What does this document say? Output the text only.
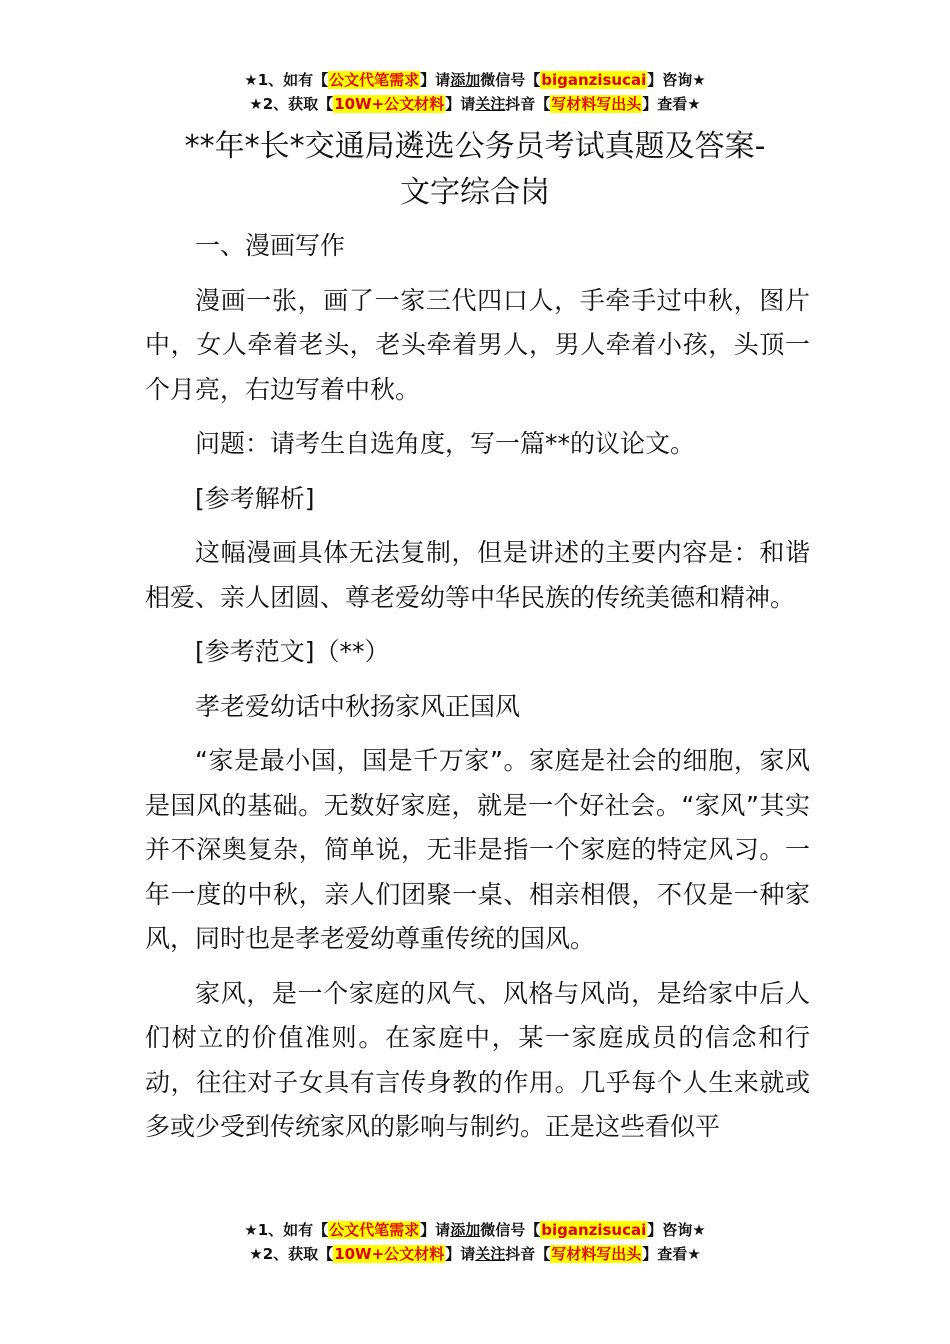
★1、如有【公文代笔需求】请添加微信号【biganzisucai】咨询★
★2、获取【10W+公文材料】请关注抖音【写材料写出头】查看★
**年*长*交通局遴选公务员考试真题及答案-
文字综合岗

一、漫画写作

漫画一张，画了一家三代四口人，手牵手过中秋，图片中，女人牵着老头，老头牵着男人，男人牵着小孩，头顶一个月亮，右边写着中秋。

问题：请考生自选角度，写一篇**的议论文。

[参考解析]

这幅漫画具体无法复制，但是讲述的主要内容是：和谐相爱、亲人团圆、尊老爱幼等中华民族的传统美德和精神。

[参考范文]（**）

孝老爱幼话中秋扬家风正国风

“家是最小国，国是千万家”。家庭是社会的细胞，家风是国风的基础。无数好家庭，就是一个好社会。“家风”其实并不深奥复杂，简单说，无非是指一个家庭的特定风习。一年一度的中秋，亲人们团聚一桌、相亲相偎，不仅是一种家风，同时也是孝老爱幼尊重传统的国风。

家风，是一个家庭的风气、风格与风尚，是给家中后人们树立的价值准则。在家庭中，某一家庭成员的信念和行动，往往对子女具有言传身教的作用。几乎每个人生来就或多或少受到传统家风的影响与制约。正是这些看似平

★1、如有【公文代笔需求】请添加微信号【biganzisucai】咨询★
★2、获取【10W+公文材料】请关注抖音【写材料写出头】查看★
